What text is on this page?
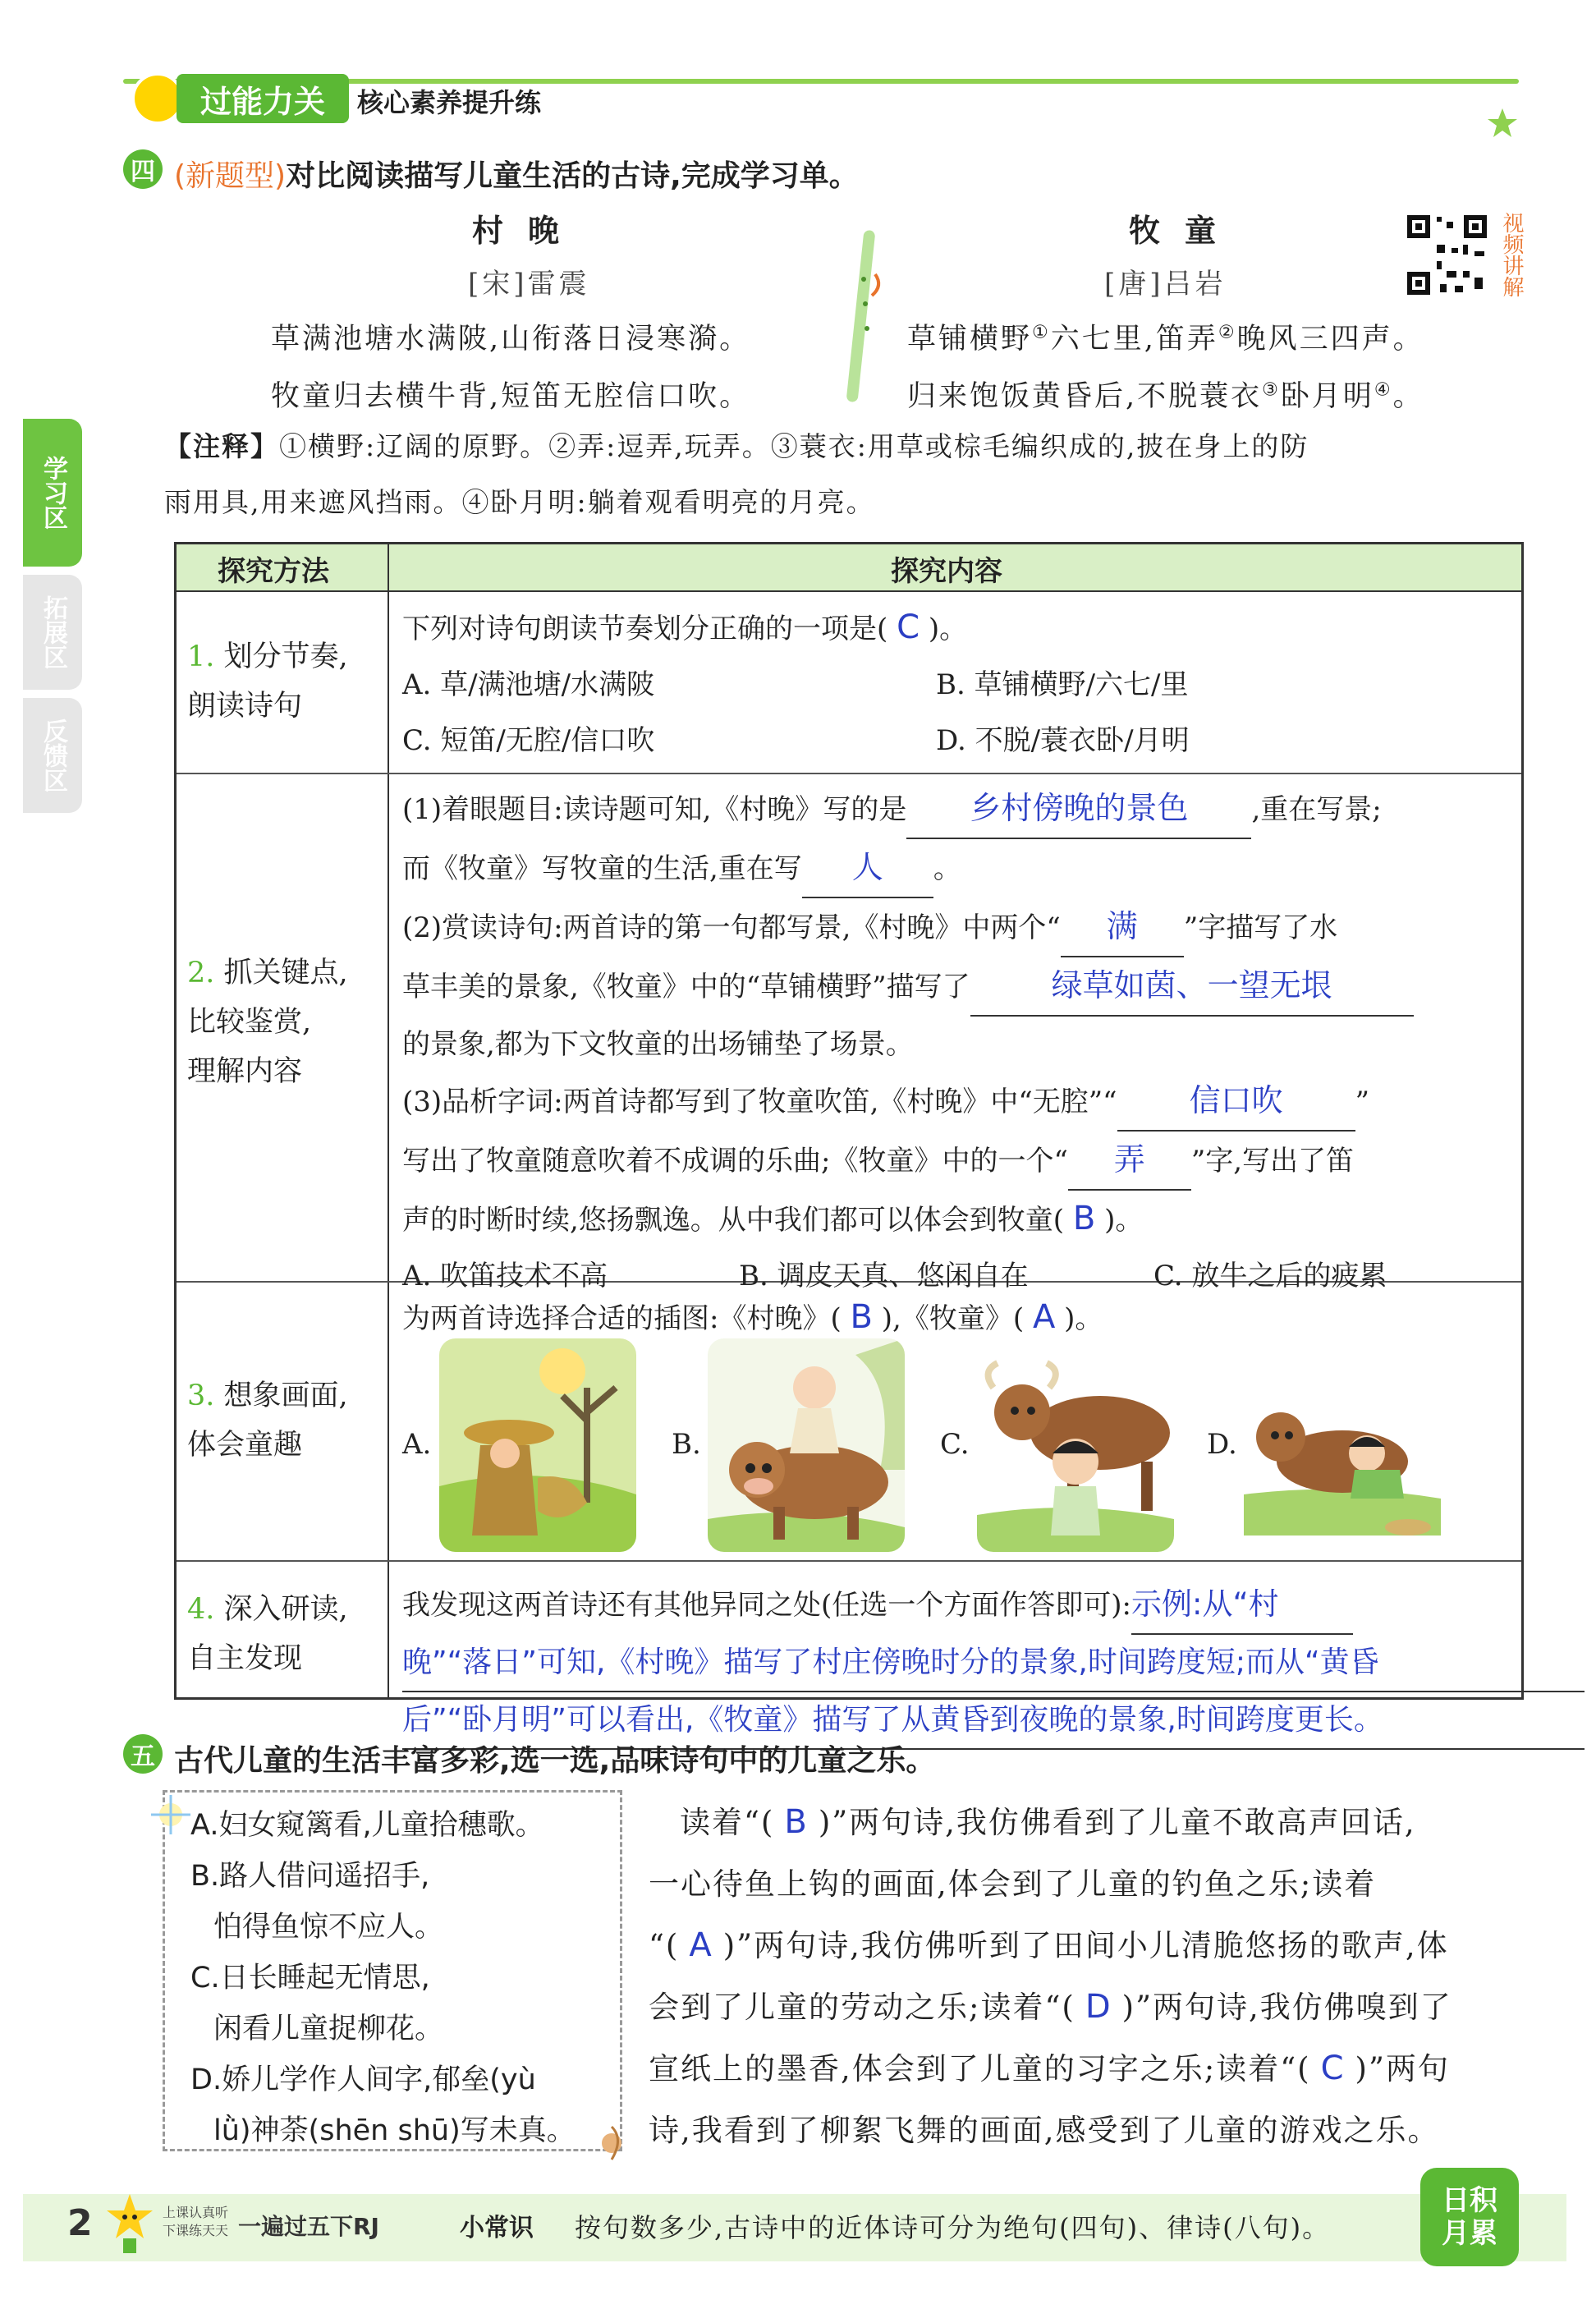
过能力关	核心素养提升练
学习区
拓展区
反馈区
四 (新题型)对比阅读描写儿童生活的古诗,完成学习单。
视频讲解
村晚
[宋]雷震
草满池塘水满陂,山衔落日浸寒漪。
牧童归去横牛背,短笛无腔信口吹。
牧童
[唐]吕岩
草铺横野①六七里,笛弄②晚风三四声。
归来饱饭黄昏后,不脱蓑衣③卧月明④。
【注释】①横野:辽阔的原野。②弄:逗弄,玩弄。③蓑衣:用草或棕毛编织成的,披在身上的防
雨用具,用来遮风挡雨。④卧月明:躺着观看明亮的月亮。
探究方法	探究内容
1. 划分节奏,
朗读诗句
下列对诗句朗读节奏划分正确的一项是( C )。
A. 草/满池塘/水满陂	B. 草铺横野/六七/里
C. 短笛/无腔/信口吹	D. 不脱/蓑衣卧/月明
2. 抓关键点,
比较鉴赏,
理解内容
(1)着眼题目:读诗题可知,《村晚》写的是 乡村傍晚的景色 ,重在写景;
而《牧童》写牧童的生活,重在写 人 。
(2)赏读诗句:两首诗的第一句都写景,《村晚》中两个“ 满 ”字描写了水
草丰美的景象,《牧童》中的“草铺横野”描写了	绿草如茵、一望无垠
的景象,都为下文牧童的出场铺垫了场景。
(3)品析字词:两首诗都写到了牧童吹笛,《村晚》中“无腔”“ 信口吹	”
写出了牧童随意吹着不成调的乐曲;《牧童》中的一个“ 弄 ”字,写出了笛
声的时断时续,悠扬飘逸。从中我们都可以体会到牧童( B )。
A. 吹笛技术不高	B. 调皮天真、悠闲自在	C. 放牛之后的疲累
3. 想象画面,
体会童趣
为两首诗选择合适的插图:《村晚》( B ),《牧童》( A )。
A.	B.	C.	D.
4. 深入研读,
自主发现
我发现这两首诗还有其他异同之处(任选一个方面作答即可):示例:从“村
晚”“落日”可知,《村晚》描写了村庄傍晚时分的景象,时间跨度短;而从“黄昏 后”“卧月明”可以看出,《牧童》描写了从黄昏到夜晚的景象,时间跨度更长。
五 古代儿童的生活丰富多彩,选一选,品味诗句中的儿童之乐。
A.妇女窥篱看,儿童拾穗歌。
B.路人借问遥招手,
怕得鱼惊不应人。
C.日长睡起无情思,
闲看儿童捉柳花。
D.娇儿学作人间字,郁垒(yù
lǜ)神荼(shēn shū)写未真。
读着“( B )”两句诗,我仿佛看到了儿童不敢高声回话,
一心待鱼上钩的画面,体会到了儿童的钓鱼之乐;读着
“( A )”两句诗,我仿佛听到了田间小儿清脆悠扬的歌声,体
会到了儿童的劳动之乐;读着“( D )”两句诗,我仿佛嗅到了
宣纸上的墨香,体会到了儿童的习字之乐;读着“( C )”两句
诗,我看到了柳絮飞舞的画面,感受到了儿童的游戏之乐。
2	上课认真听
下课练天天 一遍过五下RJ	小常识 按句数多少,古诗中的近体诗可分为绝句(四句)、律诗(八句)。
日积
月累
